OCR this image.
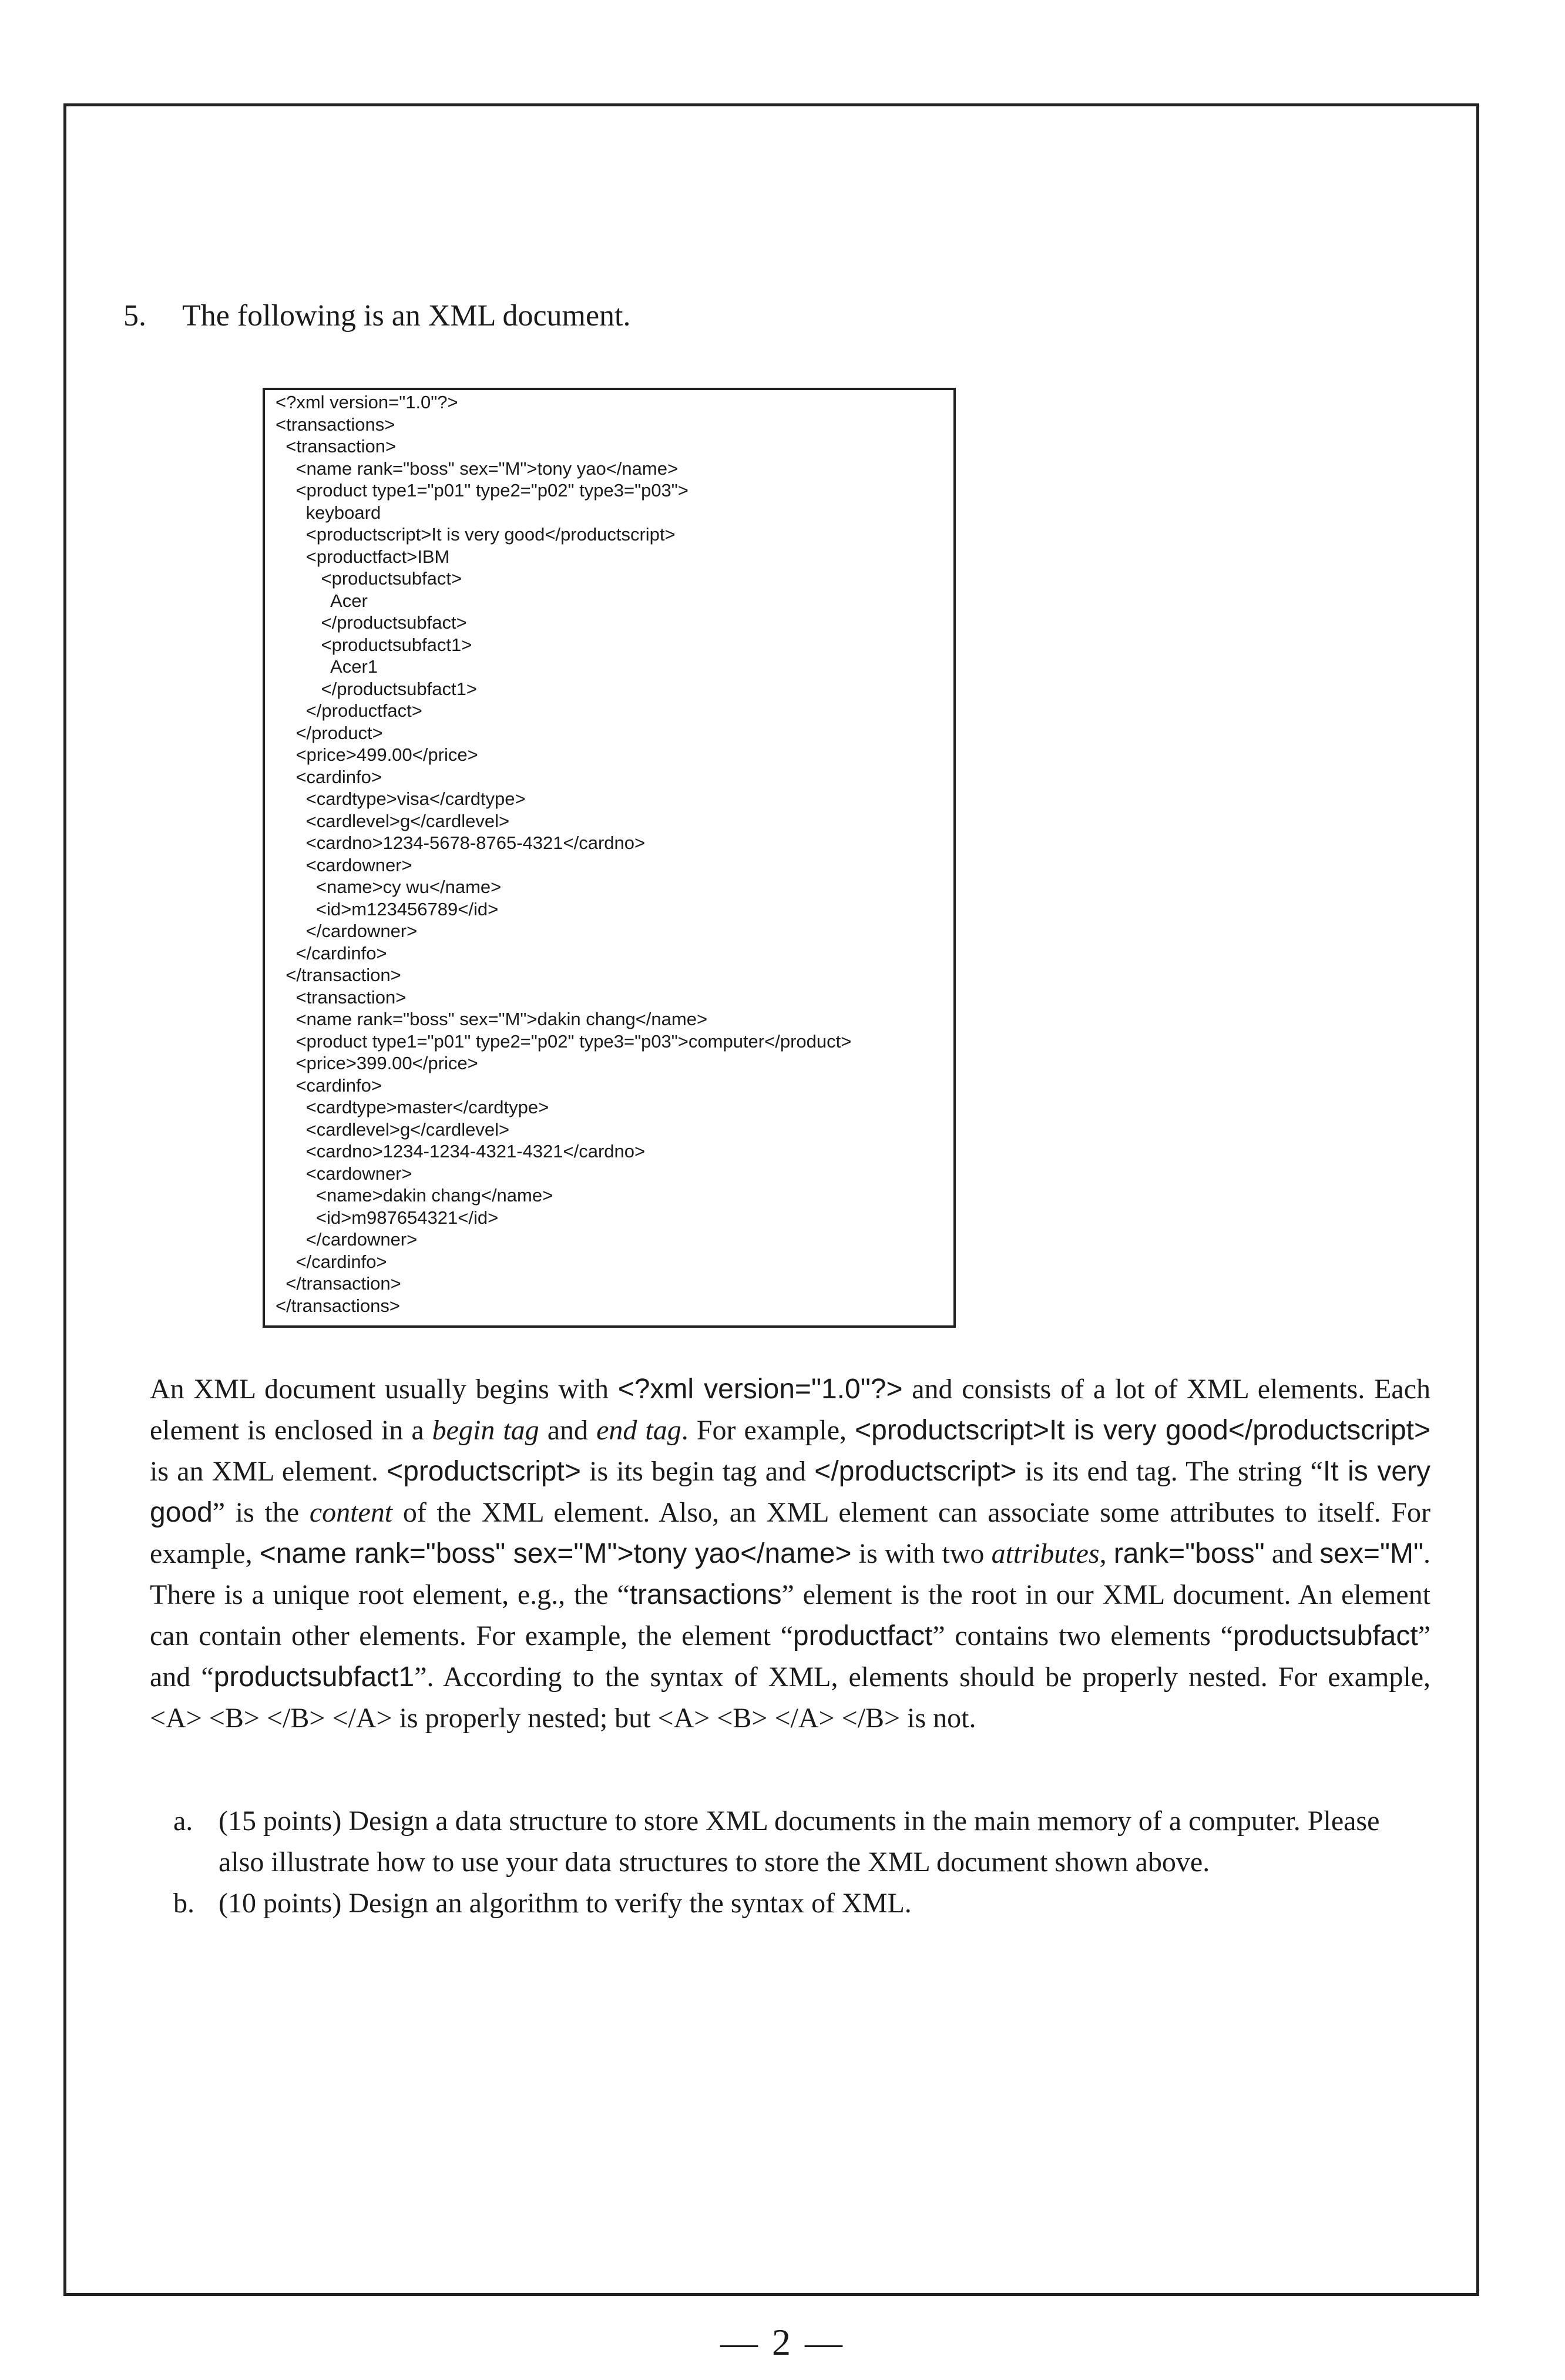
5. The following is an XML document.
<?xml version="1.0"?>
<transactions>
<transaction>
<name rank="boss" sex="M">tony yao</name>
<product type1="p01" type2="p02" type3="p03">
keyboard
<productscript>It is very good</productscript>
<productfact>IBM
<productsubfact>
Acer
</productsubfact>
<productsubfact1>
Acer1
</productsubfact1>
</productfact>
</product>
<price>499.00</price>
<cardinfo>
<cardtype>visa</cardtype>
<cardlevel>g</cardlevel>
<cardno>1234-5678-8765-4321</cardno>
<cardowner>
<name>cy wu</name>
<id>m123456789</id>
</cardowner>
</cardinfo>
</transaction>
<transaction>
<name rank="boss" sex="M">dakin chang</name>
<product type1="p01" type2="p02" type3="p03">computer</product>
<price>399.00</price>
<cardinfo>
<cardtype>master</cardtype>
<cardlevel>g</cardlevel>
<cardno>1234-1234-4321-4321</cardno>
<cardowner>
<name>dakin chang</name>
<id>m987654321</id>
</cardowner>
</cardinfo>
</transaction>
</transactions>
An XML document usually begins with <?xml version="1.0"?> and consists of a lot of XML elements. Each element is enclosed in a begin tag and end tag. For example, <productscript>It is very good</productscript> is an XML element. <productscript> is its begin tag and </productscript> is its end tag. The string “It is very good” is the content of the XML element. Also, an XML element can associate some attributes to itself. For example, <name rank="boss" sex="M">tony yao</name> is with two attributes, rank="boss" and sex="M". There is a unique root element, e.g., the “transactions” element is the root in our XML document. An element can contain other elements. For example, the element “productfact” contains two elements “productsubfact” and “productsubfact1”. According to the syntax of XML, elements should be properly nested. For example, <A> <B> </B> </A> is properly nested; but <A> <B> </A> </B> is not.
a. (15 points) Design a data structure to store XML documents in the main memory of a computer. Please also illustrate how to use your data structures to store the XML document shown above.
b. (10 points) Design an algorithm to verify the syntax of XML.
— 2 —
